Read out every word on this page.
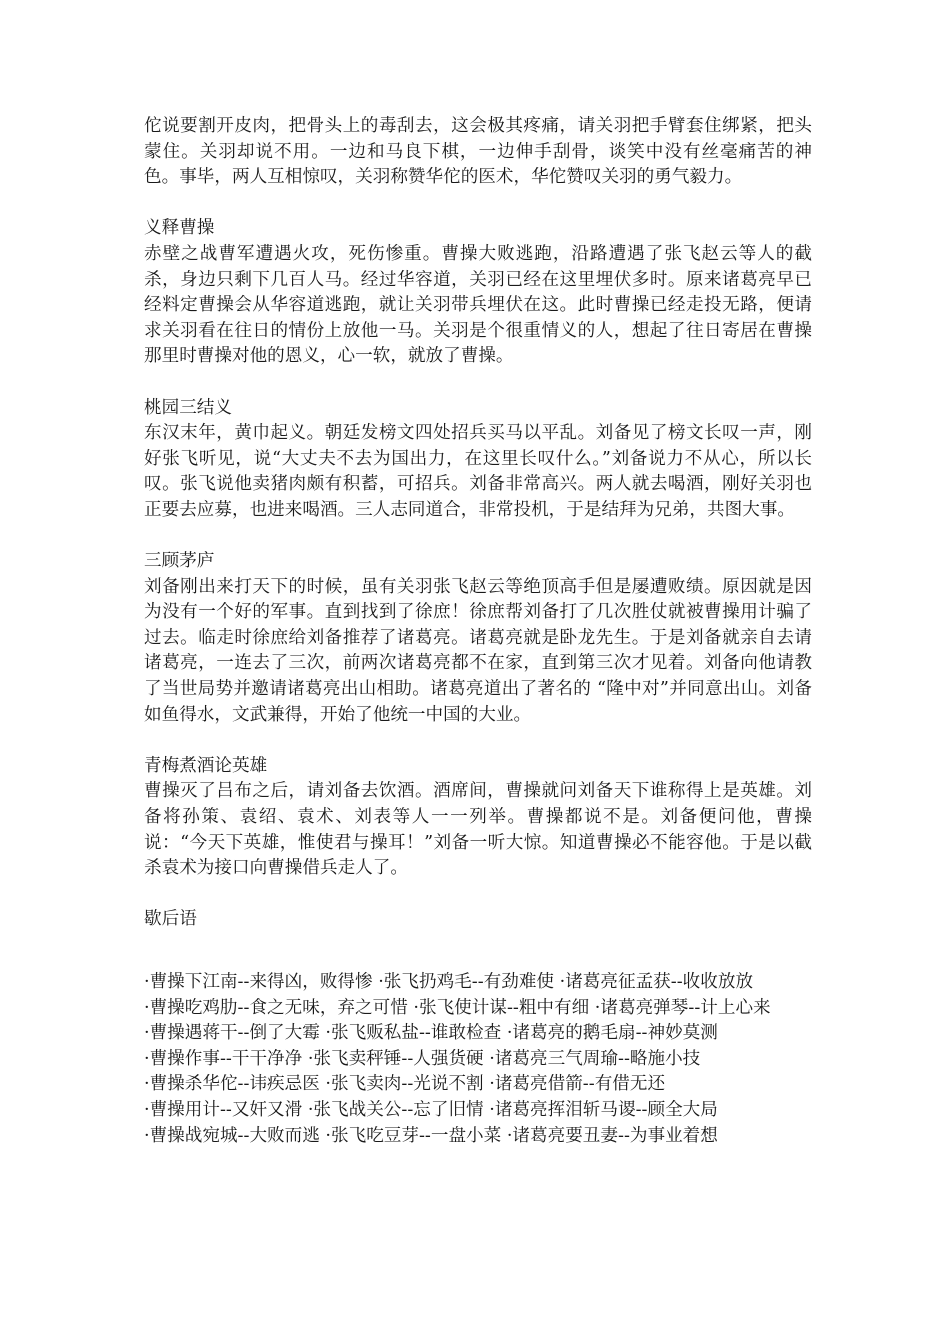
佗说要割开皮肉，把骨头上的毒刮去，这会极其疼痛，请关羽把手臂套住绑紧，把头蒙住。关羽却说不用。一边和马良下棋，一边伸手刮骨，谈笑中没有丝毫痛苦的神色。事毕，两人互相惊叹，关羽称赞华佗的医术，华佗赞叹关羽的勇气毅力。

义释曹操

赤壁之战曹军遭遇火攻，死伤惨重。曹操大败逃跑，沿路遭遇了张飞赵云等人的截杀，身边只剩下几百人马。经过华容道，关羽已经在这里埋伏多时。原来诸葛亮早已经料定曹操会从华容道逃跑，就让关羽带兵埋伏在这。此时曹操已经走投无路，便请求关羽看在往日的情份上放他一马。关羽是个很重情义的人，想起了往日寄居在曹操那里时曹操对他的恩义，心一软，就放了曹操。

桃园三结义

东汉末年，黄巾起义。朝廷发榜文四处招兵买马以平乱。刘备见了榜文长叹一声，刚好张飞听见，说“大丈夫不去为国出力，在这里长叹什么。”刘备说力不从心，所以长叹。张飞说他卖猪肉颇有积蓄，可招兵。刘备非常高兴。两人就去喝酒，刚好关羽也正要去应募，也进来喝酒。三人志同道合，非常投机，于是结拜为兄弟，共图大事。

三顾茅庐

刘备刚出来打天下的时候，虽有关羽张飞赵云等绝顶高手但是屡遭败绩。原因就是因为没有一个好的军事。直到找到了徐庶！徐庶帮刘备打了几次胜仗就被曹操用计骗了过去。临走时徐庶给刘备推荐了诸葛亮。诸葛亮就是卧龙先生。于是刘备就亲自去请诸葛亮，一连去了三次，前两次诸葛亮都不在家，直到第三次才见着。刘备向他请教了当世局势并邀请诸葛亮出山相助。诸葛亮道出了著名的 “隆中对”并同意出山。刘备如鱼得水，文武兼得，开始了他统一中国的大业。

青梅煮酒论英雄

曹操灭了吕布之后，请刘备去饮酒。酒席间，曹操就问刘备天下谁称得上是英雄。刘备将孙策、袁绍、袁术、刘表等人一一列举。曹操都说不是。刘备便问他，曹操说：“今天下英雄，惟使君与操耳！”刘备一听大惊。知道曹操必不能容他。于是以截杀袁术为接口向曹操借兵走人了。

歇后语

·曹操下江南--来得凶，败得惨 ·张飞扔鸡毛--有劲难使 ·诸葛亮征孟获--收收放放

·曹操吃鸡肋--食之无味，弃之可惜 ·张飞使计谋--粗中有细 ·诸葛亮弹琴--计上心来

·曹操遇蒋干--倒了大霉 ·张飞贩私盐--谁敢检查 ·诸葛亮的鹅毛扇--神妙莫测

·曹操作事--干干净净 ·张飞卖秤锤--人强货硬 ·诸葛亮三气周瑜--略施小技

·曹操杀华佗--讳疾忌医 ·张飞卖肉--光说不割 ·诸葛亮借箭--有借无还

·曹操用计--又奸又滑 ·张飞战关公--忘了旧情 ·诸葛亮挥泪斩马谡--顾全大局

·曹操战宛城--大败而逃 ·张飞吃豆芽--一盘小菜 ·诸葛亮要丑妻--为事业着想
